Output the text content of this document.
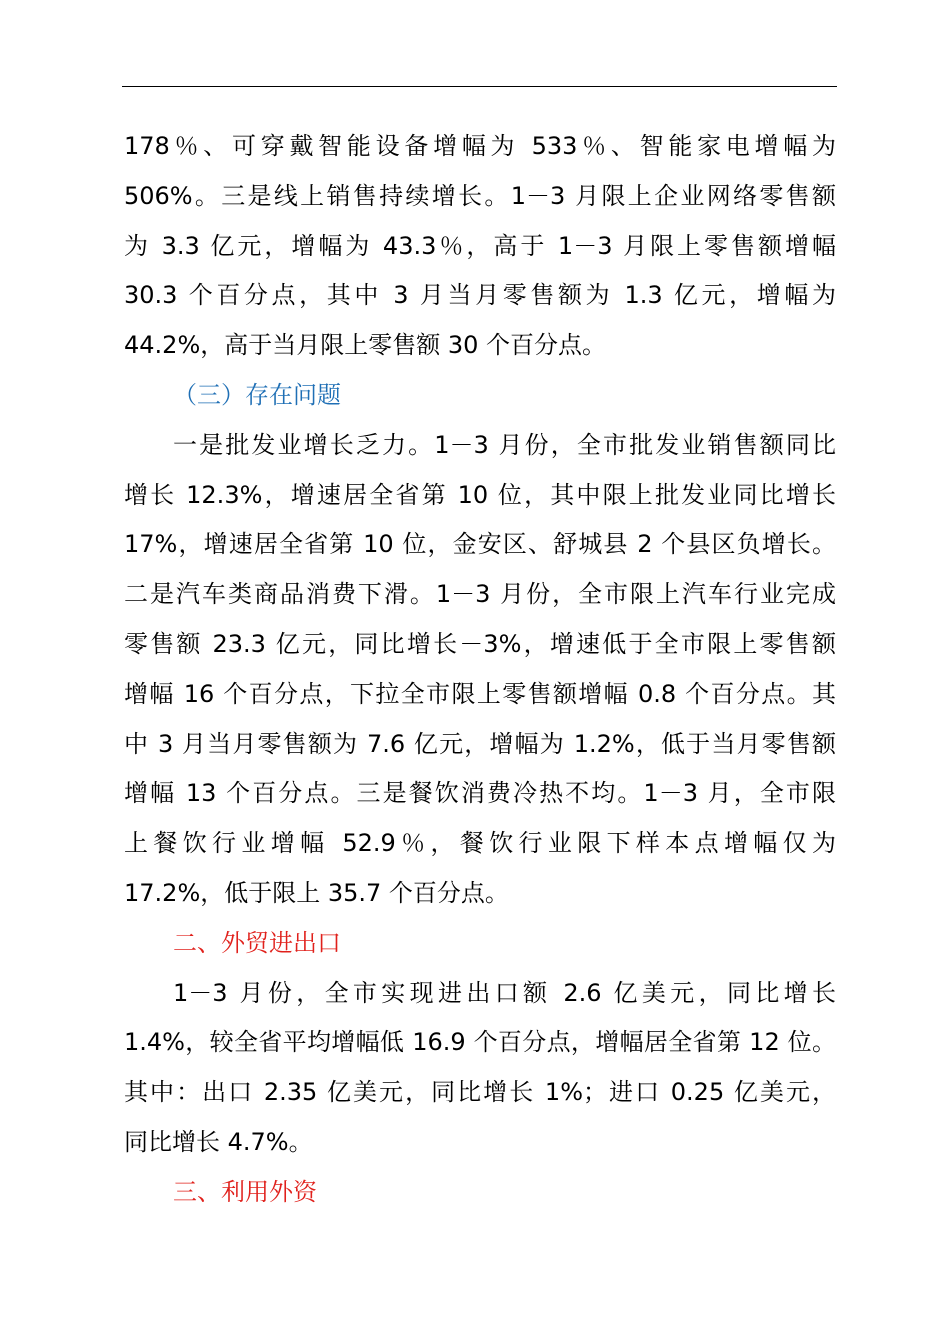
178％、可穿戴智能设备增幅为 533％、智能家电增幅为
506%。三是线上销售持续增长。1－3 月限上企业网络零售额
为 3.3 亿元，增幅为 43.3％，高于 1－3 月限上零售额增幅
30.3 个百分点，其中 3 月当月零售额为 1.3 亿元，增幅为
44.2%，高于当月限上零售额 30 个百分点。
（三）存在问题
一是批发业增长乏力。1－3 月份，全市批发业销售额同比
增长 12.3%，增速居全省第 10 位，其中限上批发业同比增长
17%，增速居全省第 10 位，金安区、舒城县 2 个县区负增长。
二是汽车类商品消费下滑。1－3 月份，全市限上汽车行业完成
零售额 23.3 亿元，同比增长－3%，增速低于全市限上零售额
增幅 16 个百分点，下拉全市限上零售额增幅 0.8 个百分点。其
中 3 月当月零售额为 7.6 亿元，增幅为 1.2%，低于当月零售额
增幅 13 个百分点。三是餐饮消费冷热不均。1－3 月，全市限
上餐饮行业增幅 52.9％，餐饮行业限下样本点增幅仅为
17.2%，低于限上 35.7 个百分点。
二、外贸进出口
1－3 月份，全市实现进出口额 2.6 亿美元，同比增长
1.4%，较全省平均增幅低 16.9 个百分点，增幅居全省第 12 位。
其中：出口 2.35 亿美元，同比增长 1%；进口 0.25 亿美元，
同比增长 4.7%。
三、利用外资
